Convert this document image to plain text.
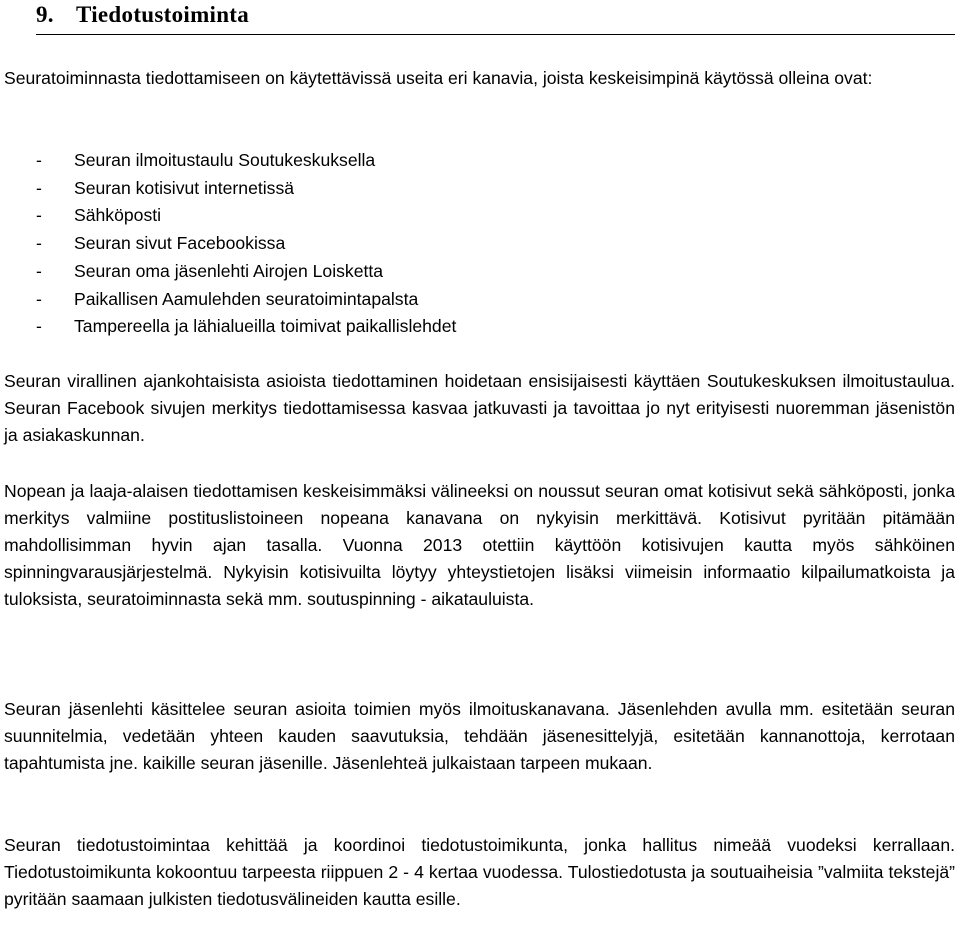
9. Tiedotustoiminta

Seuratoiminnasta tiedottamiseen on käytettävissä useita eri kanavia, joista keskeisimpinä käytössä olleina ovat:

- Seuran ilmoitustaulu Soutukeskuksella
- Seuran kotisivut internetissä
- Sähköposti
- Seuran sivut Facebookissa
- Seuran oma jäsenlehti Airojen Loisketta
- Paikallisen Aamulehden seuratoimintapalsta
- Tampereella ja lähialueilla toimivat paikallislehdet

Seuran virallinen ajankohtaisista asioista tiedottaminen hoidetaan ensisijaisesti käyttäen Soutukeskuksen ilmoitustaulua. Seuran Facebook sivujen merkitys tiedottamisessa kasvaa jatkuvasti ja tavoittaa jo nyt erityisesti nuoremman jäsenistön ja asiakaskunnan.

Nopean ja laaja-alaisen tiedottamisen keskeisimmäksi välineeksi on noussut seuran omat kotisivut sekä sähköposti, jonka merkitys valmiine postituslistoineen nopeana kanavana on nykyisin merkittävä. Kotisivut pyritään pitämään mahdollisimman hyvin ajan tasalla. Vuonna 2013 otettiin käyttöön kotisivujen kautta myös sähköinen spinningvarausjärjestelmä. Nykyisin kotisivuilta löytyy yhteystietojen lisäksi viimeisin informaatio kilpailumatkoista ja tuloksista, seuratoiminnasta sekä mm. soutuspinning - aikatauluista.

Seuran jäsenlehti käsittelee seuran asioita toimien myös ilmoituskanavana. Jäsenlehden avulla mm. esitetään seuran suunnitelmia, vedetään yhteen kauden saavutuksia, tehdään jäsenesittelyjä, esitetään kannanottoja, kerrotaan tapahtumista jne. kaikille seuran jäsenille. Jäsenlehteä julkaistaan tarpeen mukaan.

Seuran tiedotustoimintaa kehittää ja koordinoi tiedotustoimikunta, jonka hallitus nimeää vuodeksi kerrallaan. Tiedotustoimikunta kokoontuu tarpeesta riippuen 2 - 4 kertaa vuodessa. Tulostiedotusta ja soutuaiheisia ”valmiita tekstejä” pyritään saamaan julkisten tiedotusvälineiden kautta esille.
